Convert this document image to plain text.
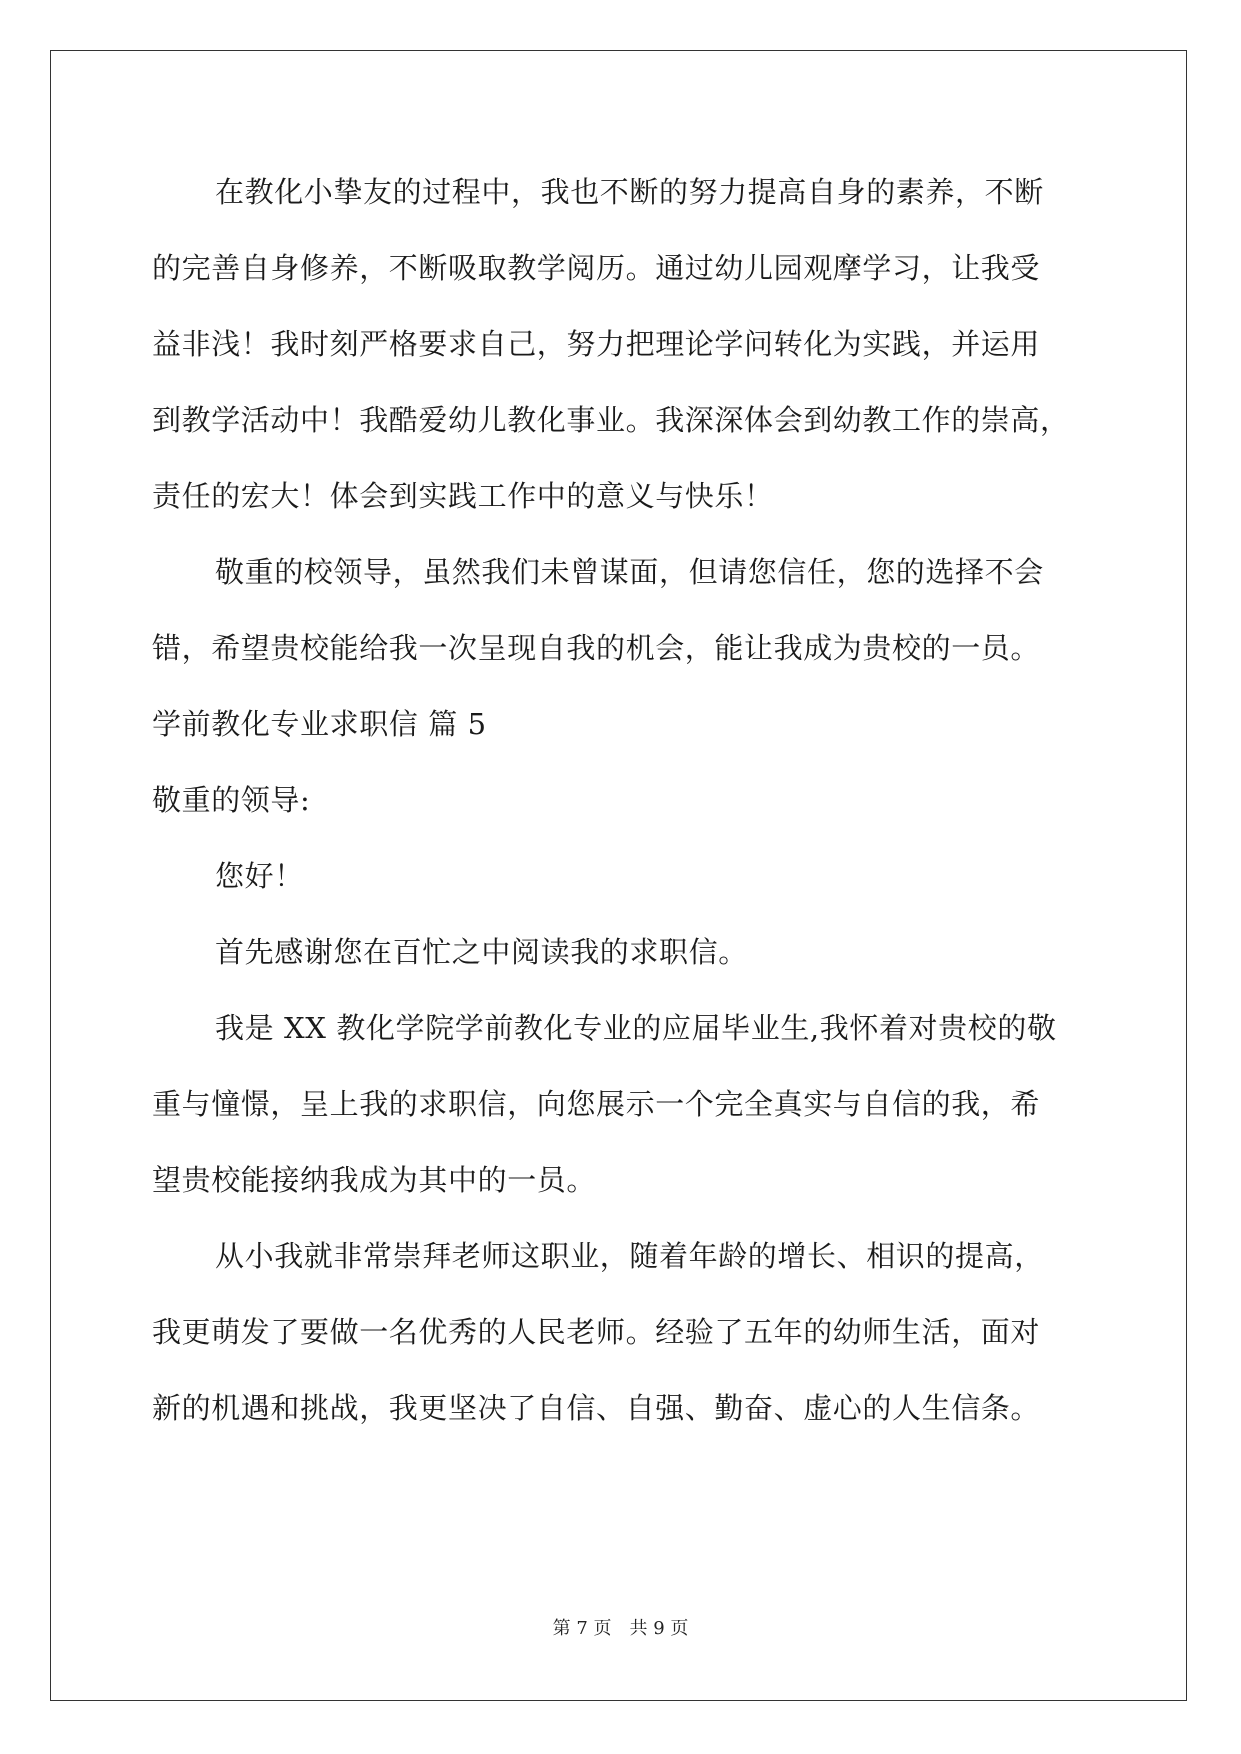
在教化小挚友的过程中，我也不断的努力提高自身的素养，不断
的完善自身修养，不断吸取教学阅历。通过幼儿园观摩学习，让我受
益非浅！我时刻严格要求自己，努力把理论学问转化为实践，并运用
到教学活动中！我酷爱幼儿教化事业。我深深体会到幼教工作的崇高，
责任的宏大！体会到实践工作中的意义与快乐！
敬重的校领导，虽然我们未曾谋面，但请您信任，您的选择不会
错，希望贵校能给我一次呈现自我的机会，能让我成为贵校的一员。
学前教化专业求职信 篇 5
敬重的领导:
您好！
首先感谢您在百忙之中阅读我的求职信。
我是 XX 教化学院学前教化专业的应届毕业生,我怀着对贵校的敬
重与憧憬，呈上我的求职信，向您展示一个完全真实与自信的我，希
望贵校能接纳我成为其中的一员。
从小我就非常崇拜老师这职业，随着年龄的增长、相识的提高，
我更萌发了要做一名优秀的人民老师。经验了五年的幼师生活，面对
新的机遇和挑战，我更坚决了自信、自强、勤奋、虚心的人生信条。
第 7 页 共 9 页
